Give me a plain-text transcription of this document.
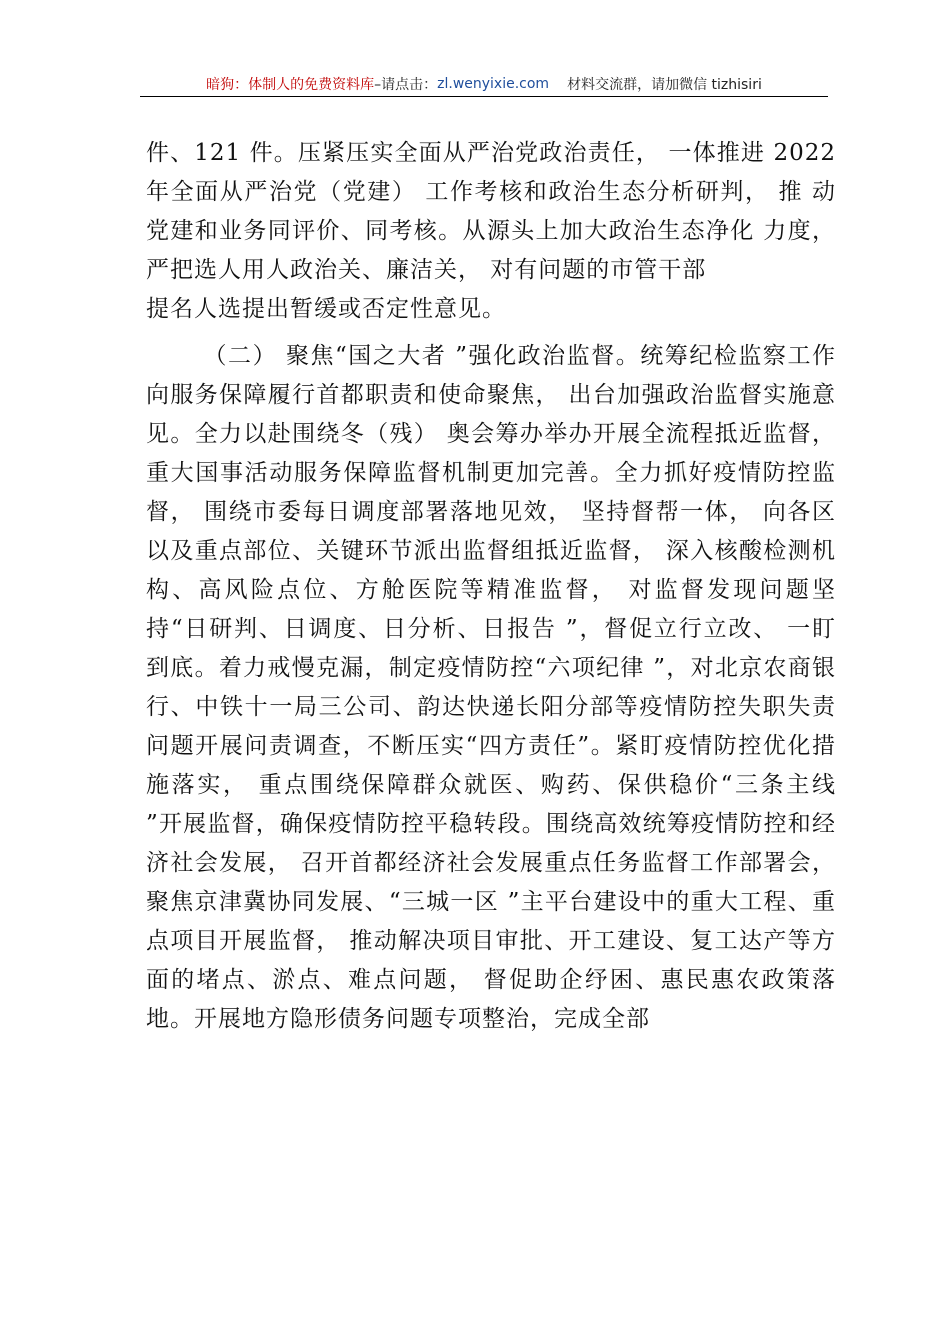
暗狗：体制人的免费资料库 –请点击： zl.wenyixie.com 材料交流群，请加微信 tizhisiri

件、121 件。压紧压实全面从严治党政治责任， 一体推进 2022 年全面从严治党（党建） 工作考核和政治生态分析研判， 推 动党建和业务同评价、同考核。从源头上加大政治生态净化 力度， 严把选人用人政治关、廉洁关， 对有问题的市管干部

提名人选提出暂缓或否定性意见。

（二） 聚焦“国之大者 ”强化政治监督。统筹纪检监察工作向服务保障履行首都职责和使命聚焦， 出台加强政治监督实施意见。全力以赴围绕冬（残） 奥会筹办举办开展全流程抵近监督， 重大国事活动服务保障监督机制更加完善。全力抓好疫情防控监督， 围绕市委每日调度部署落地见效， 坚持督帮一体， 向各区以及重点部位、关键环节派出监督组抵近监督， 深入核酸检测机构、高风险点位、方舱医院等精准监督， 对监督发现问题坚持“日研判、日调度、日分析、日报告 ”，督促立行立改、 一盯到底。着力戒慢克漏，制定疫情防控“六项纪律 ”，对北京农商银行、中铁十一局三公司、韵达快递长阳分部等疫情防控失职失责问题开展问责调查，不断压实“四方责任”。紧盯疫情防控优化措施落实， 重点围绕保障群众就医、购药、保供稳价“三条主线 ”开展监督，确保疫情防控平稳转段。围绕高效统筹疫情防控和经济社会发展， 召开首都经济社会发展重点任务监督工作部署会， 聚焦京津冀协同发展、“三城一区 ”主平台建设中的重大工程、重点项目开展监督， 推动解决项目审批、开工建设、复工达产等方面的堵点、淤点、难点问题， 督促助企纾困、惠民惠农政策落地。开展地方隐形债务问题专项整治，完成全部
